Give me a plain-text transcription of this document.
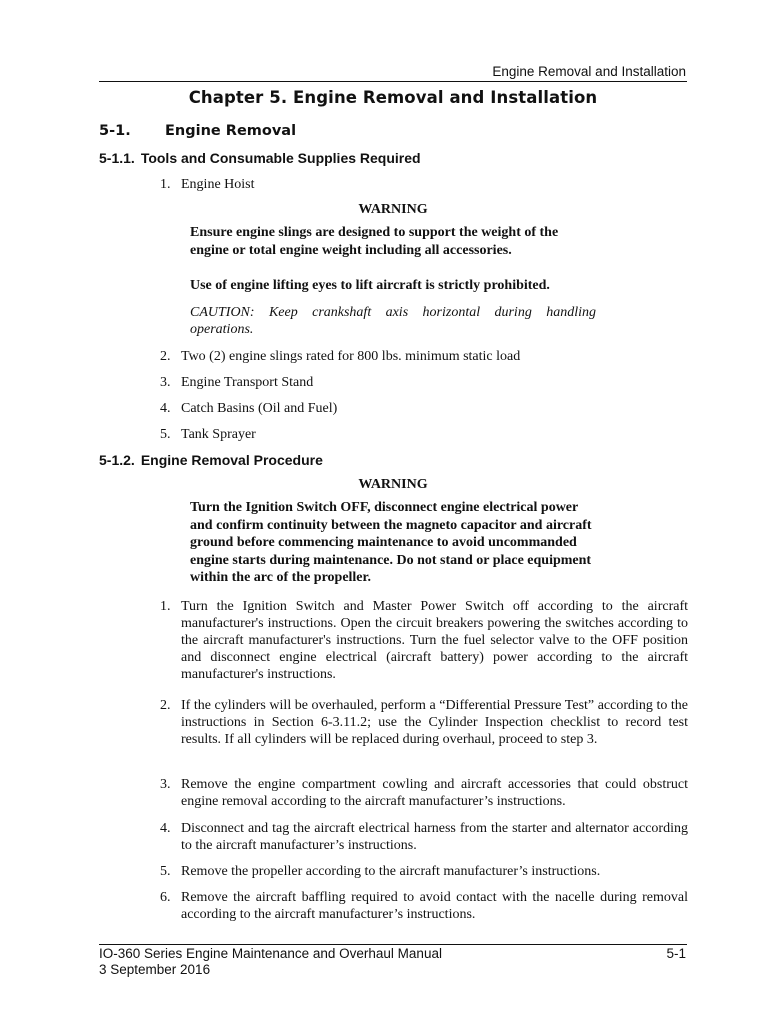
Engine Removal and Installation
Chapter 5. Engine Removal and Installation
5-1. Engine Removal
5-1.1. Tools and Consumable Supplies Required
1. Engine Hoist
WARNING
Ensure engine slings are designed to support the weight of the engine or total engine weight including all accessories.
Use of engine lifting eyes to lift aircraft is strictly prohibited.
CAUTION: Keep crankshaft axis horizontal during handling operations.
2. Two (2) engine slings rated for 800 lbs. minimum static load
3. Engine Transport Stand
4. Catch Basins (Oil and Fuel)
5. Tank Sprayer
5-1.2. Engine Removal Procedure
WARNING
Turn the Ignition Switch OFF, disconnect engine electrical power and confirm continuity between the magneto capacitor and aircraft ground before commencing maintenance to avoid uncommanded engine starts during maintenance. Do not stand or place equipment within the arc of the propeller.
1. Turn the Ignition Switch and Master Power Switch off according to the aircraft manufacturer's instructions. Open the circuit breakers powering the switches according to the aircraft manufacturer's instructions. Turn the fuel selector valve to the OFF position and disconnect engine electrical (aircraft battery) power according to the aircraft manufacturer's instructions.
2. If the cylinders will be overhauled, perform a “Differential Pressure Test” according to the instructions in Section 6-3.11.2; use the Cylinder Inspection checklist to record test results. If all cylinders will be replaced during overhaul, proceed to step 3.
3. Remove the engine compartment cowling and aircraft accessories that could obstruct engine removal according to the aircraft manufacturer’s instructions.
4. Disconnect and tag the aircraft electrical harness from the starter and alternator according to the aircraft manufacturer’s instructions.
5. Remove the propeller according to the aircraft manufacturer’s instructions.
6. Remove the aircraft baffling required to avoid contact with the nacelle during removal according to the aircraft manufacturer’s instructions.
IO-360 Series Engine Maintenance and Overhaul Manual
3 September 2016
5-1
